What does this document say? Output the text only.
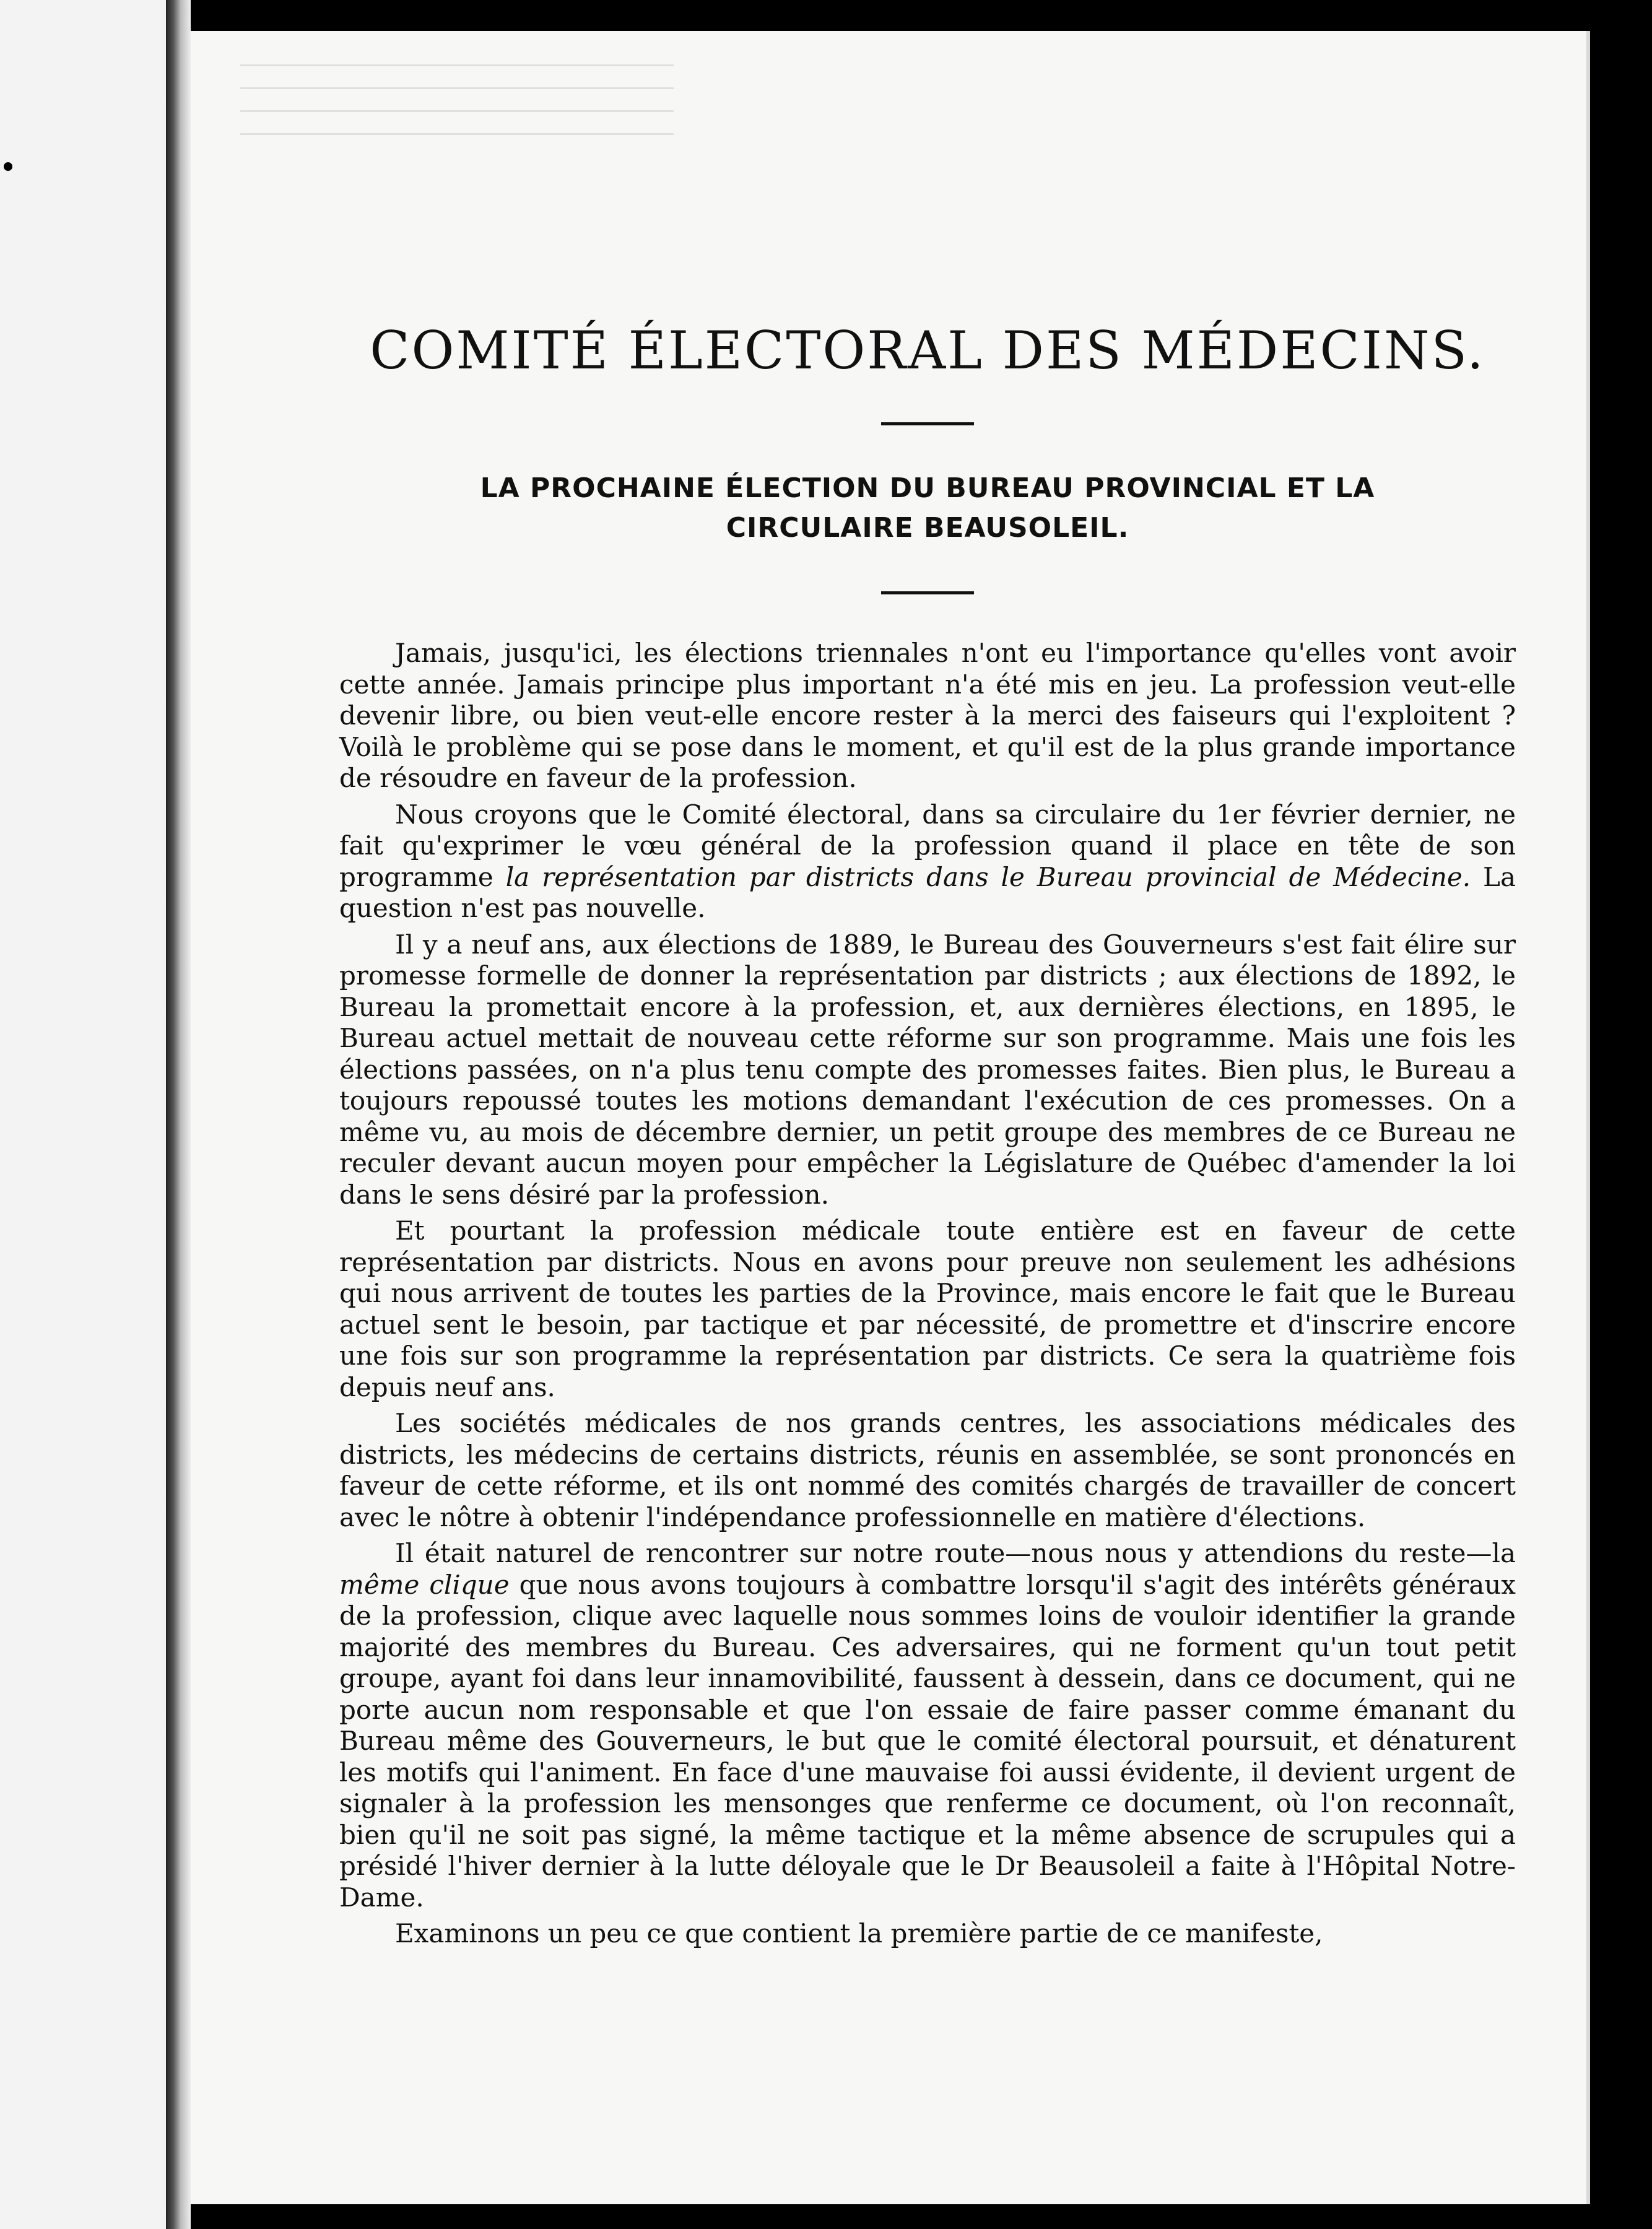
COMITÉ ÉLECTORAL DES MÉDECINS.

LA PROCHAINE ÉLECTION DU BUREAU PROVINCIAL ET LA CIRCULAIRE BEAUSOLEIL.

Jamais, jusqu'ici, les élections triennales n'ont eu l'importance qu'elles vont avoir cette année. Jamais principe plus important n'a été mis en jeu. La profession veut-elle devenir libre, ou bien veut-elle encore rester à la merci des faiseurs qui l'exploitent ? Voilà le problème qui se pose dans le moment, et qu'il est de la plus grande importance de résoudre en faveur de la profession.

Nous croyons que le Comité électoral, dans sa circulaire du 1er février dernier, ne fait qu'exprimer le vœu général de la profession quand il place en tête de son programme la représentation par districts dans le Bureau provincial de Médecine. La question n'est pas nouvelle.

Il y a neuf ans, aux élections de 1889, le Bureau des Gouverneurs s'est fait élire sur promesse formelle de donner la représentation par districts ; aux élections de 1892, le Bureau la promettait encore à la profession, et, aux dernières élections, en 1895, le Bureau actuel mettait de nouveau cette réforme sur son programme. Mais une fois les élections passées, on n'a plus tenu compte des promesses faites. Bien plus, le Bureau a toujours repoussé toutes les motions demandant l'exécution de ces promesses. On a même vu, au mois de décembre dernier, un petit groupe des membres de ce Bureau ne reculer devant aucun moyen pour empêcher la Législature de Québec d'amender la loi dans le sens désiré par la profession.

Et pourtant la profession médicale toute entière est en faveur de cette représentation par districts. Nous en avons pour preuve non seulement les adhésions qui nous arrivent de toutes les parties de la Province, mais encore le fait que le Bureau actuel sent le besoin, par tactique et par nécessité, de promettre et d'inscrire encore une fois sur son programme la représentation par districts. Ce sera la quatrième fois depuis neuf ans.

Les sociétés médicales de nos grands centres, les associations médicales des districts, les médecins de certains districts, réunis en assemblée, se sont prononcés en faveur de cette réforme, et ils ont nommé des comités chargés de travailler de concert avec le nôtre à obtenir l'indépendance professionnelle en matière d'élections.

Il était naturel de rencontrer sur notre route—nous nous y attendions du reste—la même clique que nous avons toujours à combattre lorsqu'il s'agit des intérêts généraux de la profession, clique avec laquelle nous sommes loins de vouloir identifier la grande majorité des membres du Bureau. Ces adversaires, qui ne forment qu'un tout petit groupe, ayant foi dans leur innamovibilité, faussent à dessein, dans ce document, qui ne porte aucun nom responsable et que l'on essaie de faire passer comme émanant du Bureau même des Gouverneurs, le but que le comité électoral poursuit, et dénaturent les motifs qui l'animent. En face d'une mauvaise foi aussi évidente, il devient urgent de signaler à la profession les mensonges que renferme ce document, où l'on reconnaît, bien qu'il ne soit pas signé, la même tactique et la même absence de scrupules qui a présidé l'hiver dernier à la lutte déloyale que le Dr Beausoleil a faite à l'Hôpital Notre-Dame.

Examinons un peu ce que contient la première partie de ce manifeste,
